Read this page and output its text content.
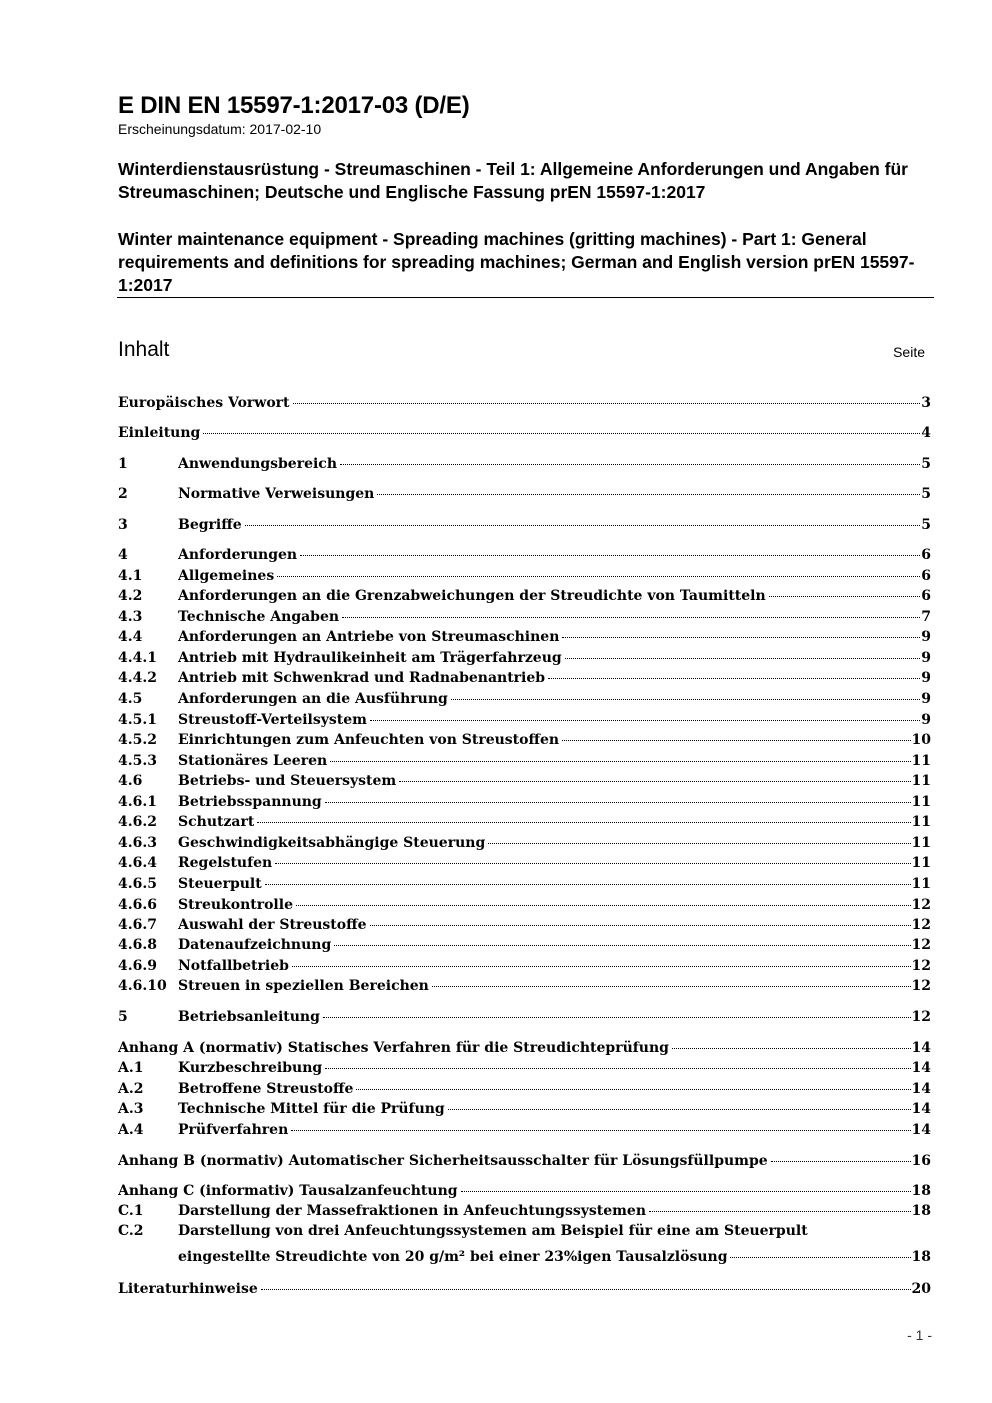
E DIN EN 15597-1:2017-03 (D/E)
Erscheinungsdatum: 2017-02-10
Winterdienstausrüstung - Streumaschinen - Teil 1: Allgemeine Anforderungen und Angaben für Streumaschinen; Deutsche und Englische Fassung prEN 15597-1:2017
Winter maintenance equipment - Spreading machines (gritting machines) - Part 1: General requirements and definitions for spreading machines; German and English version prEN 15597-1:2017
Inhalt	Seite
Europäisches Vorwort	3
Einleitung	4
1	Anwendungsbereich	5
2	Normative Verweisungen	5
3	Begriffe	5
4	Anforderungen	6
4.1	Allgemeines	6
4.2	Anforderungen an die Grenzabweichungen der Streudichte von Taumitteln	6
4.3	Technische Angaben	7
4.4	Anforderungen an Antriebe von Streumaschinen	9
4.4.1	Antrieb mit Hydraulikeinheit am Trägerfahrzeug	9
4.4.2	Antrieb mit Schwenkrad und Radnabenantrieb	9
4.5	Anforderungen an die Ausführung	9
4.5.1	Streustoff-Verteilsystem	9
4.5.2	Einrichtungen zum Anfeuchten von Streustoffen	10
4.5.3	Stationäres Leeren	11
4.6	Betriebs- und Steuersystem	11
4.6.1	Betriebsspannung	11
4.6.2	Schutzart	11
4.6.3	Geschwindigkeitsabhängige Steuerung	11
4.6.4	Regelstufen	11
4.6.5	Steuerpult	11
4.6.6	Streukontrolle	12
4.6.7	Auswahl der Streustoffe	12
4.6.8	Datenaufzeichnung	12
4.6.9	Notfallbetrieb	12
4.6.10 Streuen in speziellen Bereichen	12
5	Betriebsanleitung	12
Anhang A (normativ) Statisches Verfahren für die Streudichteprüfung	14
A.1	Kurzbeschreibung	14
A.2	Betroffene Streustoffe	14
A.3	Technische Mittel für die Prüfung	14
A.4	Prüfverfahren	14
Anhang B (normativ) Automatischer Sicherheitsausschalter für Lösungsfüllpumpe	16
Anhang C (informativ) Tausalzanfeuchtung	18
C.1	Darstellung der Massefraktionen in Anfeuchtungssystemen	18
C.2	Darstellung von drei Anfeuchtungssystemen am Beispiel für eine am Steuerpult
eingestellte Streudichte von 20 g/m² bei einer 23%igen Tausalzlösung	18
Literaturhinweise	20
- 1 -
